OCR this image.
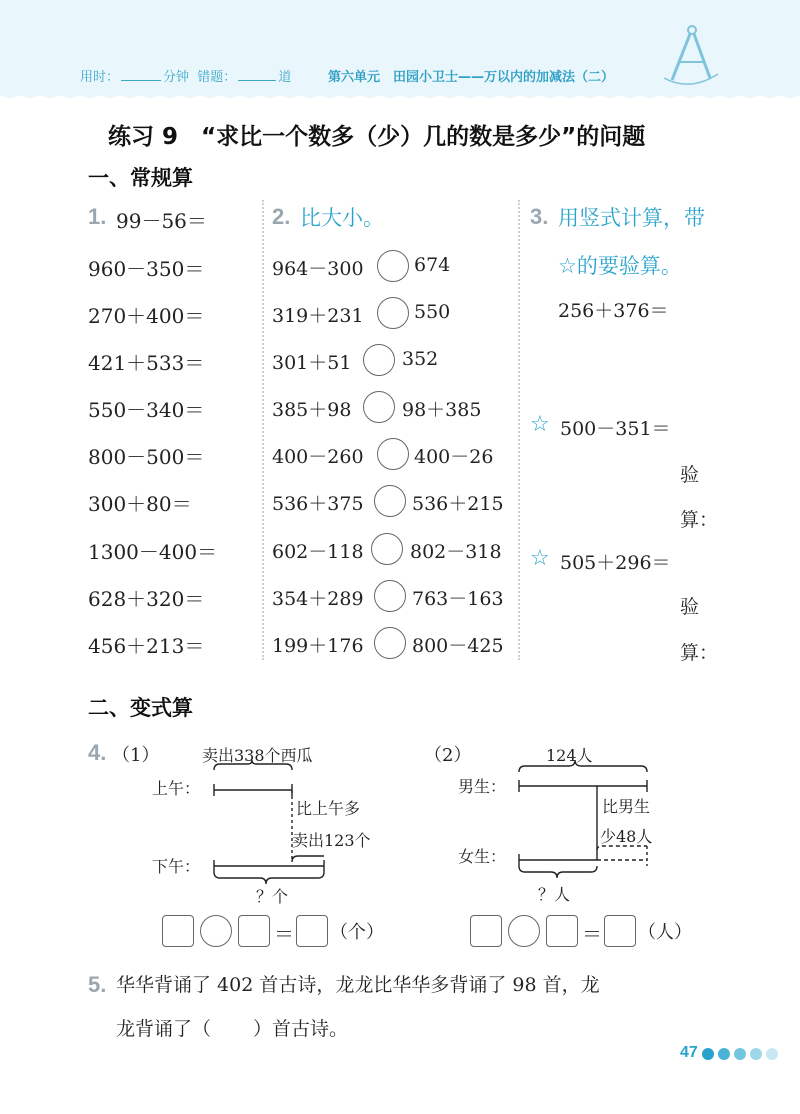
用时：	分钟 错题：	道	第六单元　田园小卫士——万以内的加减法（二）
练习 9　“求比一个数多（少）几的数是多少”的问题
一、常规算
1. 99－56＝
960－350＝
270＋400＝
421＋533＝
550－340＝
800－500＝
300＋80＝
1300－400＝
628＋320＝
456＋213＝
2. 比大小。
964－300	674
319＋231	550
301＋51	352
385＋98	98＋385
400－260	400－26
536＋375	536＋215
602－118 802－318
354＋289	763－163
199＋176	800－425
3. 用竖式计算，带
☆的要验算。
256＋376＝
☆ 500－351＝
验
算：
☆ 505＋296＝
验
算：
二、变式算
4. （1）	卖出338个西瓜
上午：
比上午多
卖出123个
下午：
？个
＝ （个）
（2）	124人
男生：
比男生
少48人
女生：
？人
＝ （人）
5. 华华背诵了 402 首古诗，龙龙比华华多背诵了 98 首，龙
龙背诵了（ ）首古诗。
47
